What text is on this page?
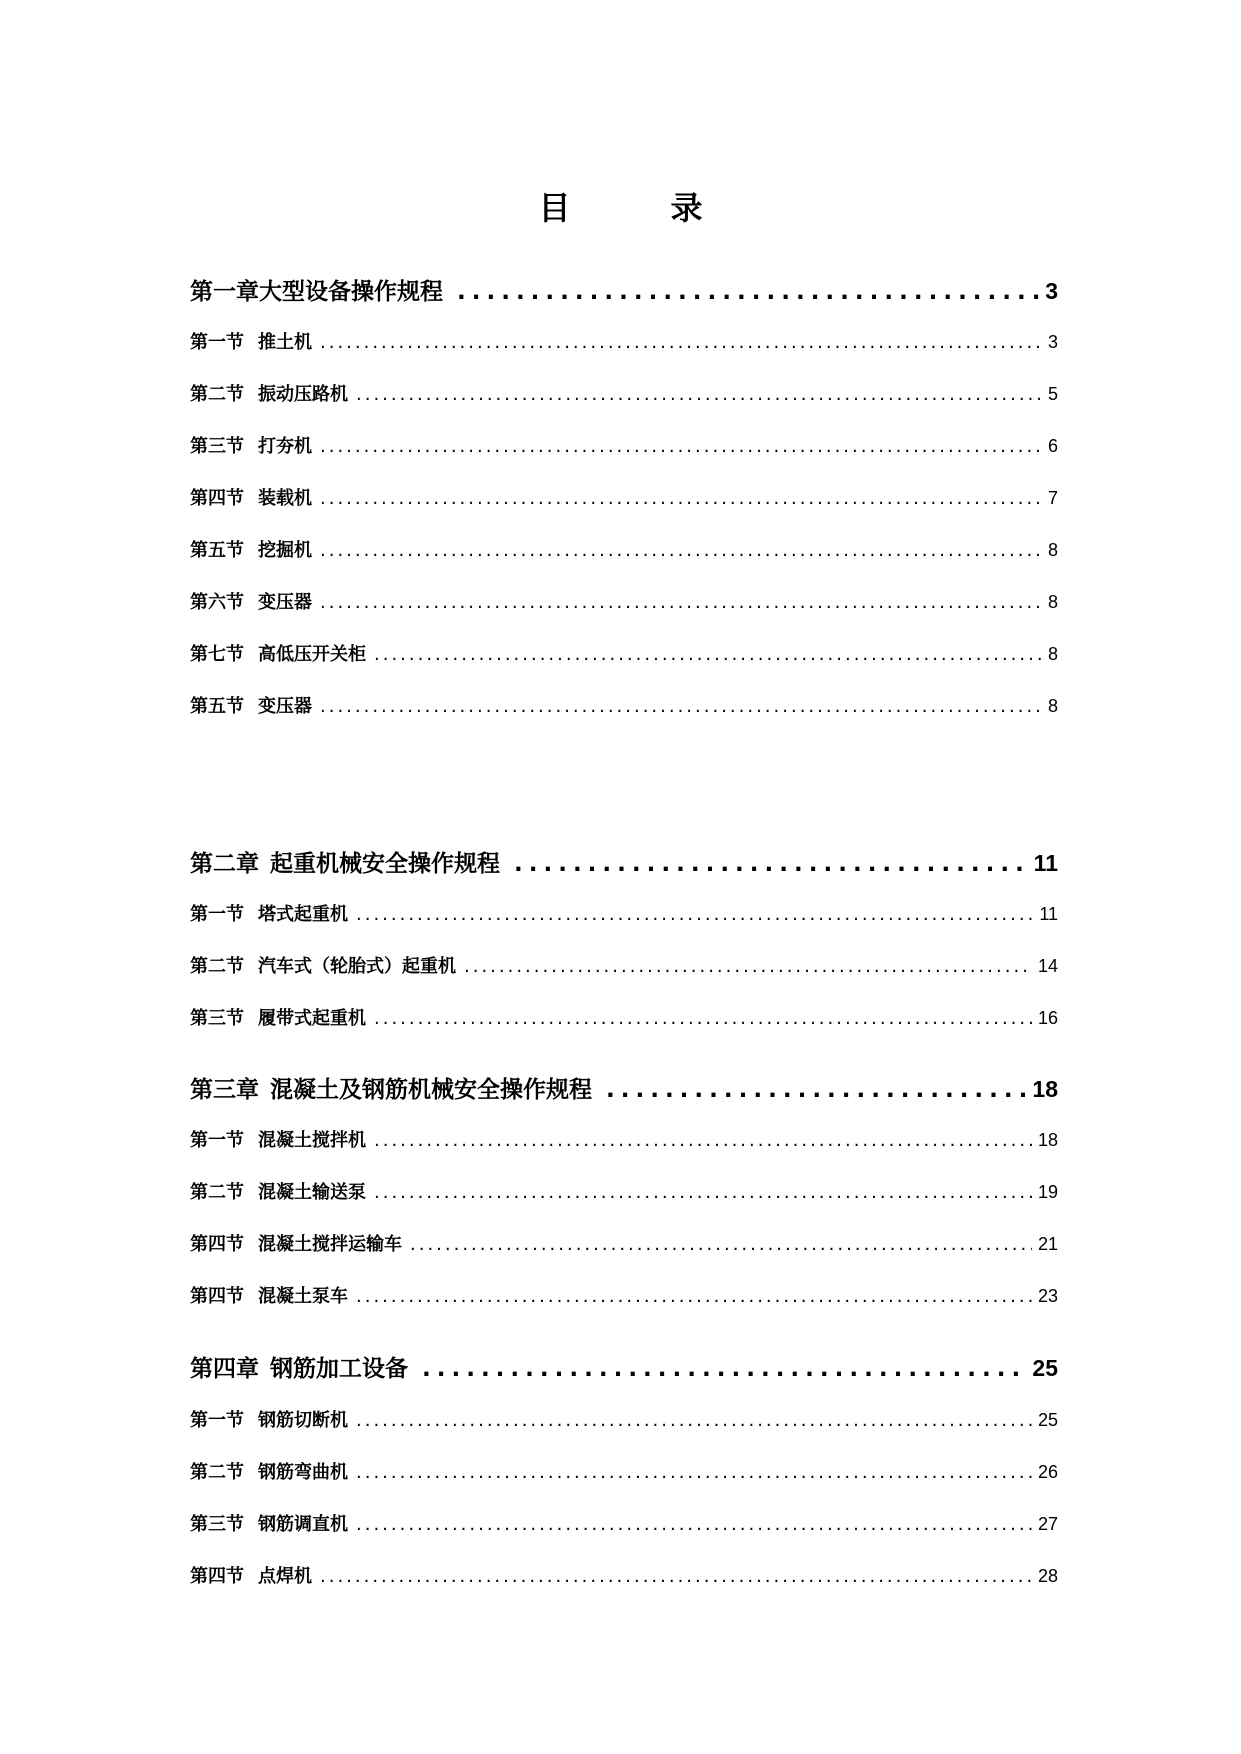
目　录
第一章大型设备操作规程 .....	3
第一节 推土机 .....	3
第二节 振动压路机 .....	5
第三节 打夯机 .....	6
第四节 装载机 .....	7
第五节 挖掘机 .....	8
第六节 变压器 .....	8
第七节 高低压开关柜 .....	8
第五节 变压器 .....	8
第二章 起重机械安全操作规程 .....	11
第一节 塔式起重机 .....	11
第二节 汽车式（轮胎式）起重机 .....	14
第三节 履带式起重机 .....	16
第三章 混凝土及钢筋机械安全操作规程 .....	18
第一节 混凝土搅拌机 .....	18
第二节 混凝土输送泵 .....	19
第四节 混凝土搅拌运输车 .....	21
第四节 混凝土泵车 .....	23
第四章 钢筋加工设备 .....	25
第一节 钢筋切断机 .....	25
第二节 钢筋弯曲机 .....	26
第三节 钢筋调直机 .....	27
第四节 点焊机 .....	28
